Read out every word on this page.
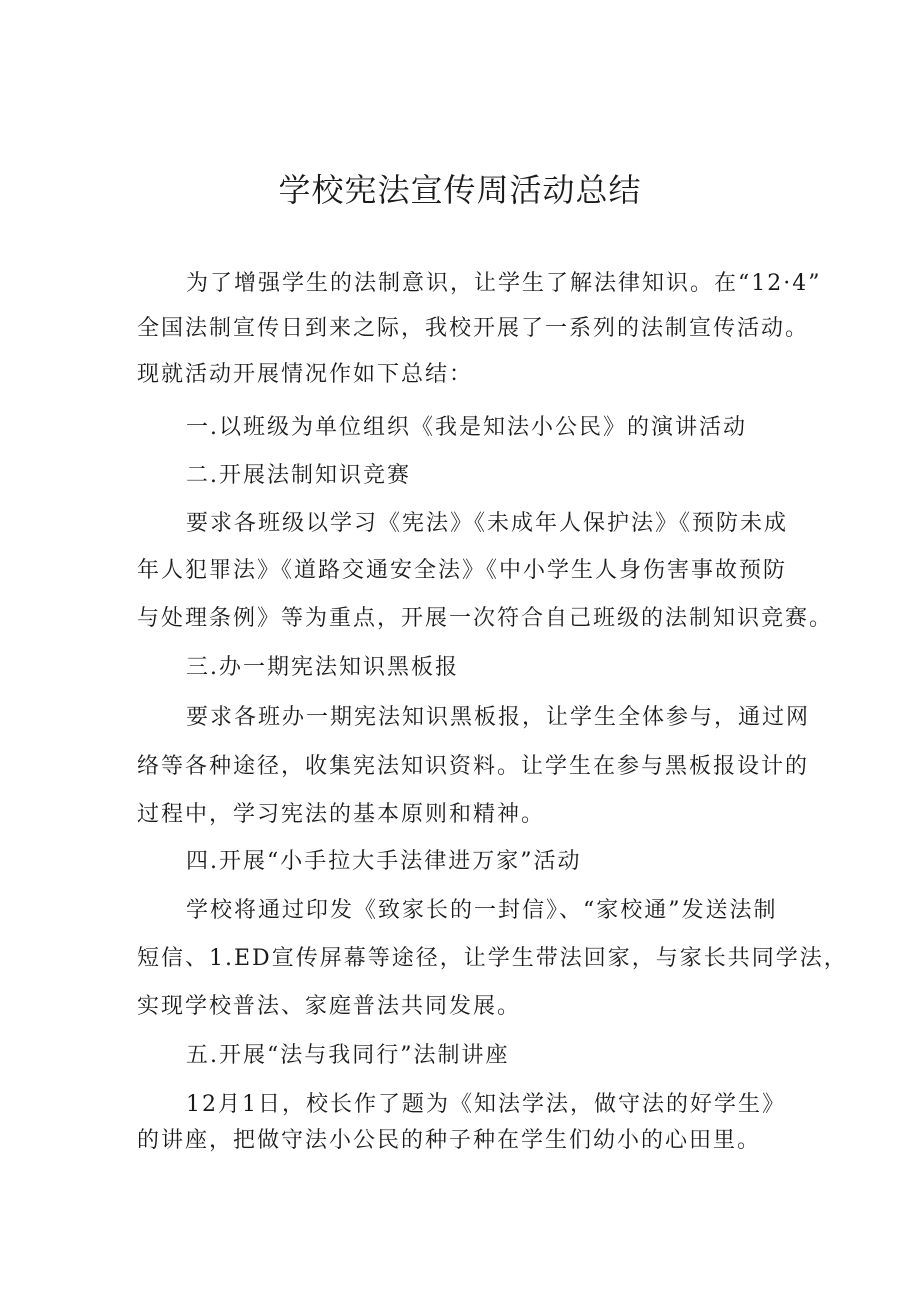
学校宪法宣传周活动总结
为了增强学生的法制意识，让学生了解法律知识。在“12·4”
全国法制宣传日到来之际，我校开展了一系列的法制宣传活动。
现就活动开展情况作如下总结：
一.以班级为单位组织《我是知法小公民》的演讲活动
二.开展法制知识竞赛
要求各班级以学习《宪法》《未成年人保护法》《预防未成
年人犯罪法》《道路交通安全法》《中小学生人身伤害事故预防
与处理条例》等为重点，开展一次符合自己班级的法制知识竞赛。
三.办一期宪法知识黑板报
要求各班办一期宪法知识黑板报，让学生全体参与，通过网
络等各种途径，收集宪法知识资料。让学生在参与黑板报设计的
过程中，学习宪法的基本原则和精神。
四.开展“小手拉大手法律进万家”活动
学校将通过印发《致家长的一封信》、“家校通”发送法制
短信、1.ED宣传屏幕等途径，让学生带法回家，与家长共同学法，
实现学校普法、家庭普法共同发展。
五.开展“法与我同行”法制讲座
12月1日，校长作了题为《知法学法，做守法的好学生》
的讲座，把做守法小公民的种子种在学生们幼小的心田里。
